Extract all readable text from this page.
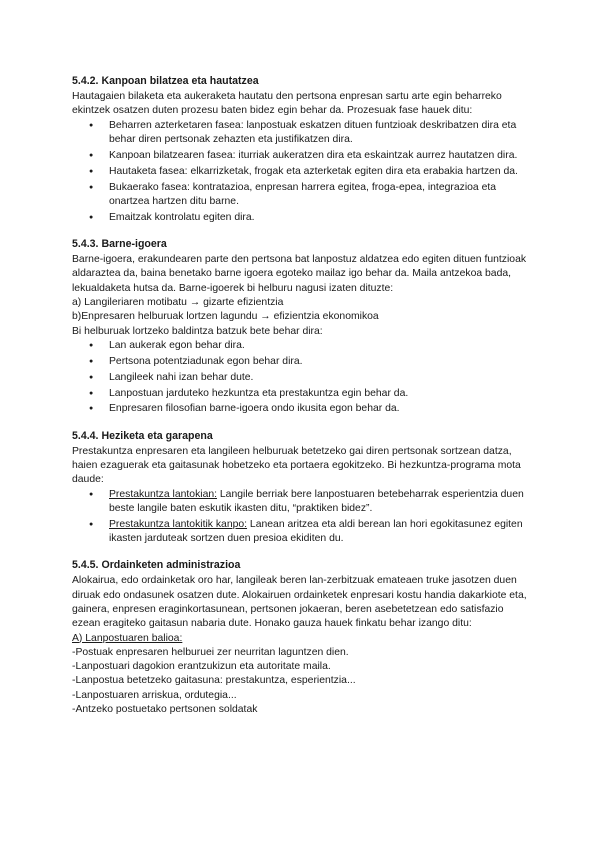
5.4.2. Kanpoan bilatzea eta hautatzea

Hautagaien bilaketa eta aukeraketa hautatu den pertsona enpresan sartu arte egin beharreko ekintzek osatzen duten prozesu baten bidez egin behar da. Prozesuak fase hauek ditu:

● Beharren azterketaren fasea: lanpostuak eskatzen dituen funtzioak deskribatzen dira eta behar diren pertsonak zehazten eta justifikatzen dira.
● Kanpoan bilatzearen fasea: iturriak aukeratzen dira eta eskaintzak aurrez hautatzen dira.
● Hautaketa fasea: elkarrizketak, frogak eta azterketak egiten dira eta erabakia hartzen da.
● Bukaerako fasea: kontratazioa, enpresan harrera egitea, froga-epea, integrazioa eta onartzea hartzen ditu barne.
● Emaitzak kontrolatu egiten dira.
5.4.3. Barne-igoera

Barne-igoera, erakundearen parte den pertsona bat lanpostuz aldatzea edo egiten dituen funtzioak aldaraztea da, baina benetako barne igoera egoteko mailaz igo behar da. Maila antzekoa bada, lekualdaketa hutsa da. Barne-igoerek bi helburu nagusi izaten dituzte:

a) Langileriaren motibatu → gizarte efizientzia

b)Enpresaren helburuak lortzen lagundu → efizientzia ekonomikoa

Bi helburuak lortzeko baldintza batzuk bete behar dira:

● Lan aukerak egon behar dira.
● Pertsona potentziadunak egon behar dira.
● Langileek nahi izan behar dute.
● Lanpostuan jarduteko hezkuntza eta prestakuntza egin behar da.
● Enpresaren filosofian barne-igoera ondo ikusita egon behar da.
5.4.4. Heziketa eta garapena

Prestakuntza enpresaren eta langileen helburuak betetzeko gai diren pertsonak sortzean datza, haien ezaguerak eta gaitasunak hobetzeko eta portaera egokitzeko. Bi hezkuntza-programa mota daude:

● Prestakuntza lantokian: Langile berriak bere lanpostuaren betebeharrak esperientzia duen beste langile baten eskutik ikasten ditu, “praktiken bidez”.
● Prestakuntza lantokitik kanpo: Lanean aritzea eta aldi berean lan hori egokitasunez egiten ikasten jarduteak sortzen duen presioa ekiditen du.
5.4.5. Ordainketen administrazioa

Alokairua, edo ordainketak oro har, langileak beren lan-zerbitzuak emateaen truke jasotzen duen diruak edo ondasunek osatzen dute. Alokairuen ordainketek enpresari kostu handia dakarkiote eta, gainera, enpresen eraginkortasunean, pertsonen jokaeran, beren asebetetzean edo satisfazio ezean eragiteko gaitasun nabaria dute. Honako gauza hauek finkatu behar izango ditu:

A) Lanpostuaren balioa:

-Postuak enpresaren helburuei zer neurritan laguntzen dien.

-Lanpostuari dagokion erantzukizun eta autoritate maila.

-Lanpostua betetzeko gaitasuna: prestakuntza, esperientzia...

-Lanpostuaren arriskua, ordutegia...

-Antzeko postuetako pertsonen soldatak
